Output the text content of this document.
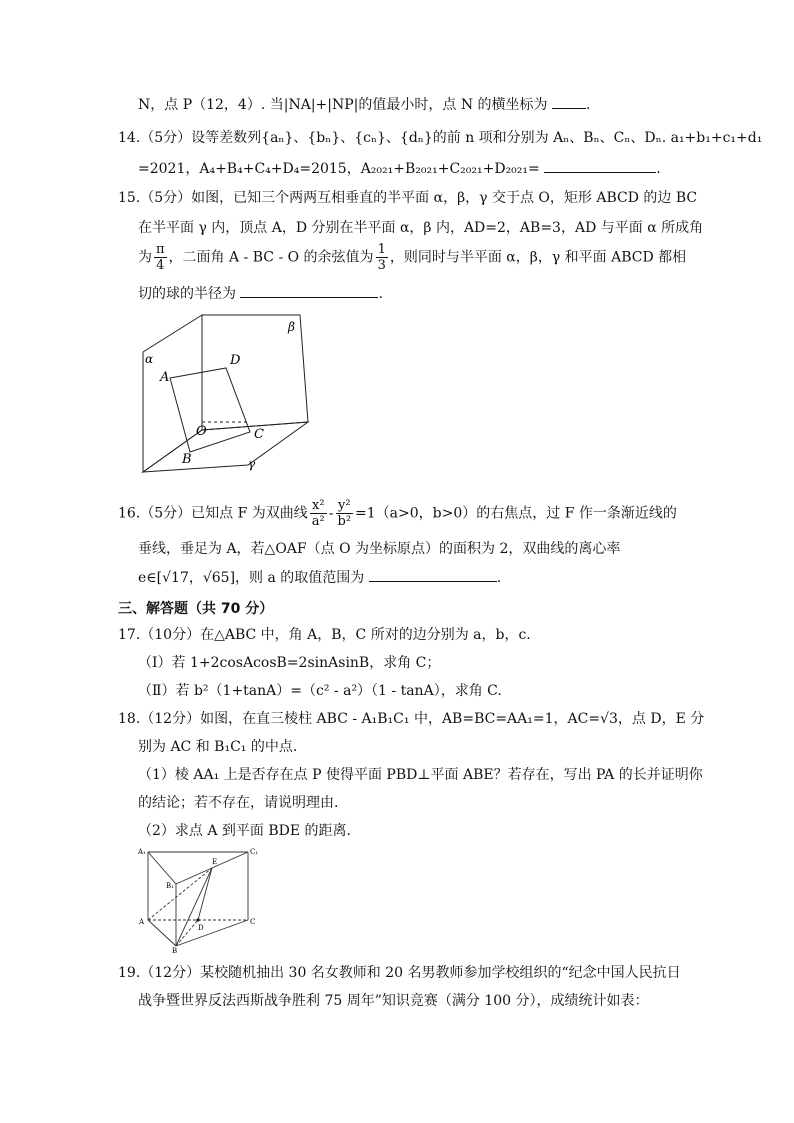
N，点 P（12，4）. 当|NA|+|NP|的值最小时，点 N 的横坐标为	.
14.（5分）设等差数列{aₙ}、{bₙ}、{cₙ}、{dₙ}的前 n 项和分别为 Aₙ、Bₙ、Cₙ、Dₙ. a₁+b₁+c₁+d₁
=2021，A₄+B₄+C₄+D₄=2015，A₂₀₂₁+B₂₀₂₁+C₂₀₂₁+D₂₀₂₁=	.
15.（5分）如图，已知三个两两互相垂直的半平面 α，β，γ 交于点 O，矩形 ABCD 的边 BC
在半平面 γ 内，顶点 A，D 分别在半平面 α，β 内，AD=2，AB=3，AD 与平面 α 所成角
为 $\frac{\pi}{4}$ ，二面角 A - BC - O 的余弦值为 $\frac{1}{3}$ ，则同时与半平面 α，β，γ 和平面 ABCD 都相
切的球的半径为	.
α
β
γ
A
D
O	C
B
16.（5分）已知点 F 为双曲线 $\frac{\text{x²}}{\text{a²}} - \frac{\text{y²}}{\text{b²}} =1(a>0$，b>0）的右焦点，过 F 作一条渐近线的
垂线，垂足为 A，若△OAF（点 O 为坐标原点）的面积为 2，双曲线的离心率
e∈[√17，√65]，则 a 的取值范围为	.
三、解答题（共 70 分）
17.（10分）在△ABC 中，角 A，B，C 所对的边分别为 a，b，c.
（Ⅰ）若 1+2cosAcosB=2sinAsinB，求角 C；
（Ⅱ）若 b²（1+tanA）=（c² - a²）（1 - tanA），求角 C.
18.（12分）如图，在直三棱柱 ABC - A₁B₁C₁ 中，AB=BC=AA₁=1，AC=√3，点 D，E 分
别为 AC 和 B₁C₁ 的中点.
（1）棱 AA₁ 上是否存在点 P 使得平面 PBD⊥平面 ABE？若存在，写出 PA 的长并证明你
的结论；若不存在，请说明理由.
（2）求点 A 到平面 BDE 的距离.
A₁	C₁
B₁
E
A	C
B
D
19.（12分）某校随机抽出 30 名女教师和 20 名男教师参加学校组织的“纪念中国人民抗日
战争暨世界反法西斯战争胜利 75 周年”知识竞赛（满分 100 分），成绩统计如表：
